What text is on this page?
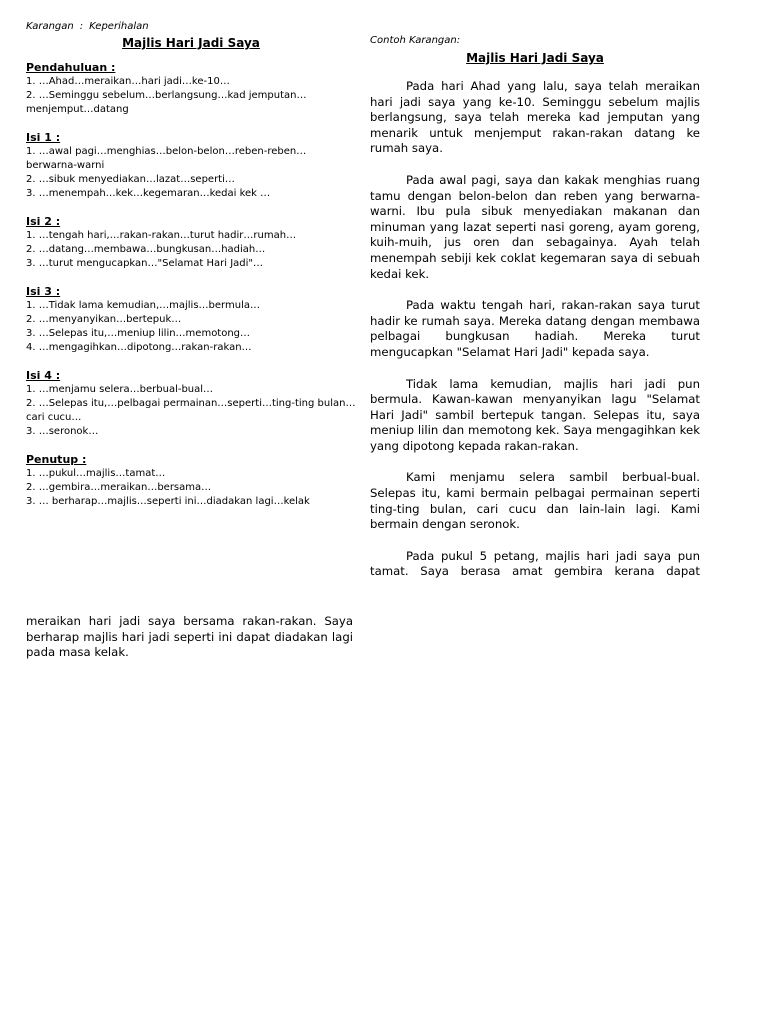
Karangan : Keperihalan

Majlis Hari Jadi Saya

Pendahuluan :

1. …Ahad…meraikan…hari jadi…ke-10…

2. …Seminggu sebelum…berlangsung…kad jemputan…menjemput…datang

Isi 1 :

1. …awal pagi…menghias…belon-belon…reben-reben…berwarna-warni

2. …sibuk menyediakan…lazat…seperti…

3. …menempah…kek…kegemaran…kedai kek …

Isi 2 :

1. …tengah hari,…rakan-rakan…turut hadir…rumah…

2. …datang…membawa…bungkusan…hadiah…

3. …turut mengucapkan…"Selamat Hari Jadi"…

Isi 3 :

1. …Tidak lama kemudian,…majlis…bermula…

2. …menyanyikan…bertepuk…

3. …Selepas itu,…meniup lilin…memotong…

4. …mengagihkan…dipotong…rakan-rakan…

Isi 4 :

1. …menjamu selera…berbual-bual…

2. …Selepas itu,…pelbagai permainan…seperti…ting-ting bulan…cari cucu…

3. …seronok…

Penutup :

1. …pukul…majlis…tamat…

2. …gembira…meraikan…bersama…

3. … berharap…majlis…seperti ini…diadakan lagi…kelak

Contoh Karangan:

Majlis Hari Jadi Saya

Pada hari Ahad yang lalu, saya telah meraikan hari jadi saya yang ke-10. Seminggu sebelum majlis berlangsung, saya telah mereka kad jemputan yang menarik untuk menjemput rakan-rakan datang ke rumah saya.

Pada awal pagi, saya dan kakak menghias ruang tamu dengan belon-belon dan reben yang berwarna-warni. Ibu pula sibuk menyediakan makanan dan minuman yang lazat seperti nasi goreng, ayam goreng, kuih-muih, jus oren dan sebagainya. Ayah telah menempah sebiji kek coklat kegemaran saya di sebuah kedai kek.

Pada waktu tengah hari, rakan-rakan saya turut hadir ke rumah saya. Mereka datang dengan membawa pelbagai bungkusan hadiah. Mereka turut mengucapkan "Selamat Hari Jadi" kepada saya.

Tidak lama kemudian, majlis hari jadi pun bermula. Kawan-kawan menyanyikan lagu "Selamat Hari Jadi" sambil bertepuk tangan. Selepas itu, saya meniup lilin dan memotong kek. Saya mengagihkan kek yang dipotong kepada rakan-rakan.

Kami menjamu selera sambil berbual-bual. Selepas itu, kami bermain pelbagai permainan seperti ting-ting bulan, cari cucu dan lain-lain lagi. Kami bermain dengan seronok.

Pada pukul 5 petang, majlis hari jadi saya pun tamat. Saya berasa amat gembira kerana dapat

meraikan hari jadi saya bersama rakan-rakan. Saya berharap majlis hari jadi seperti ini dapat diadakan lagi pada masa kelak.
